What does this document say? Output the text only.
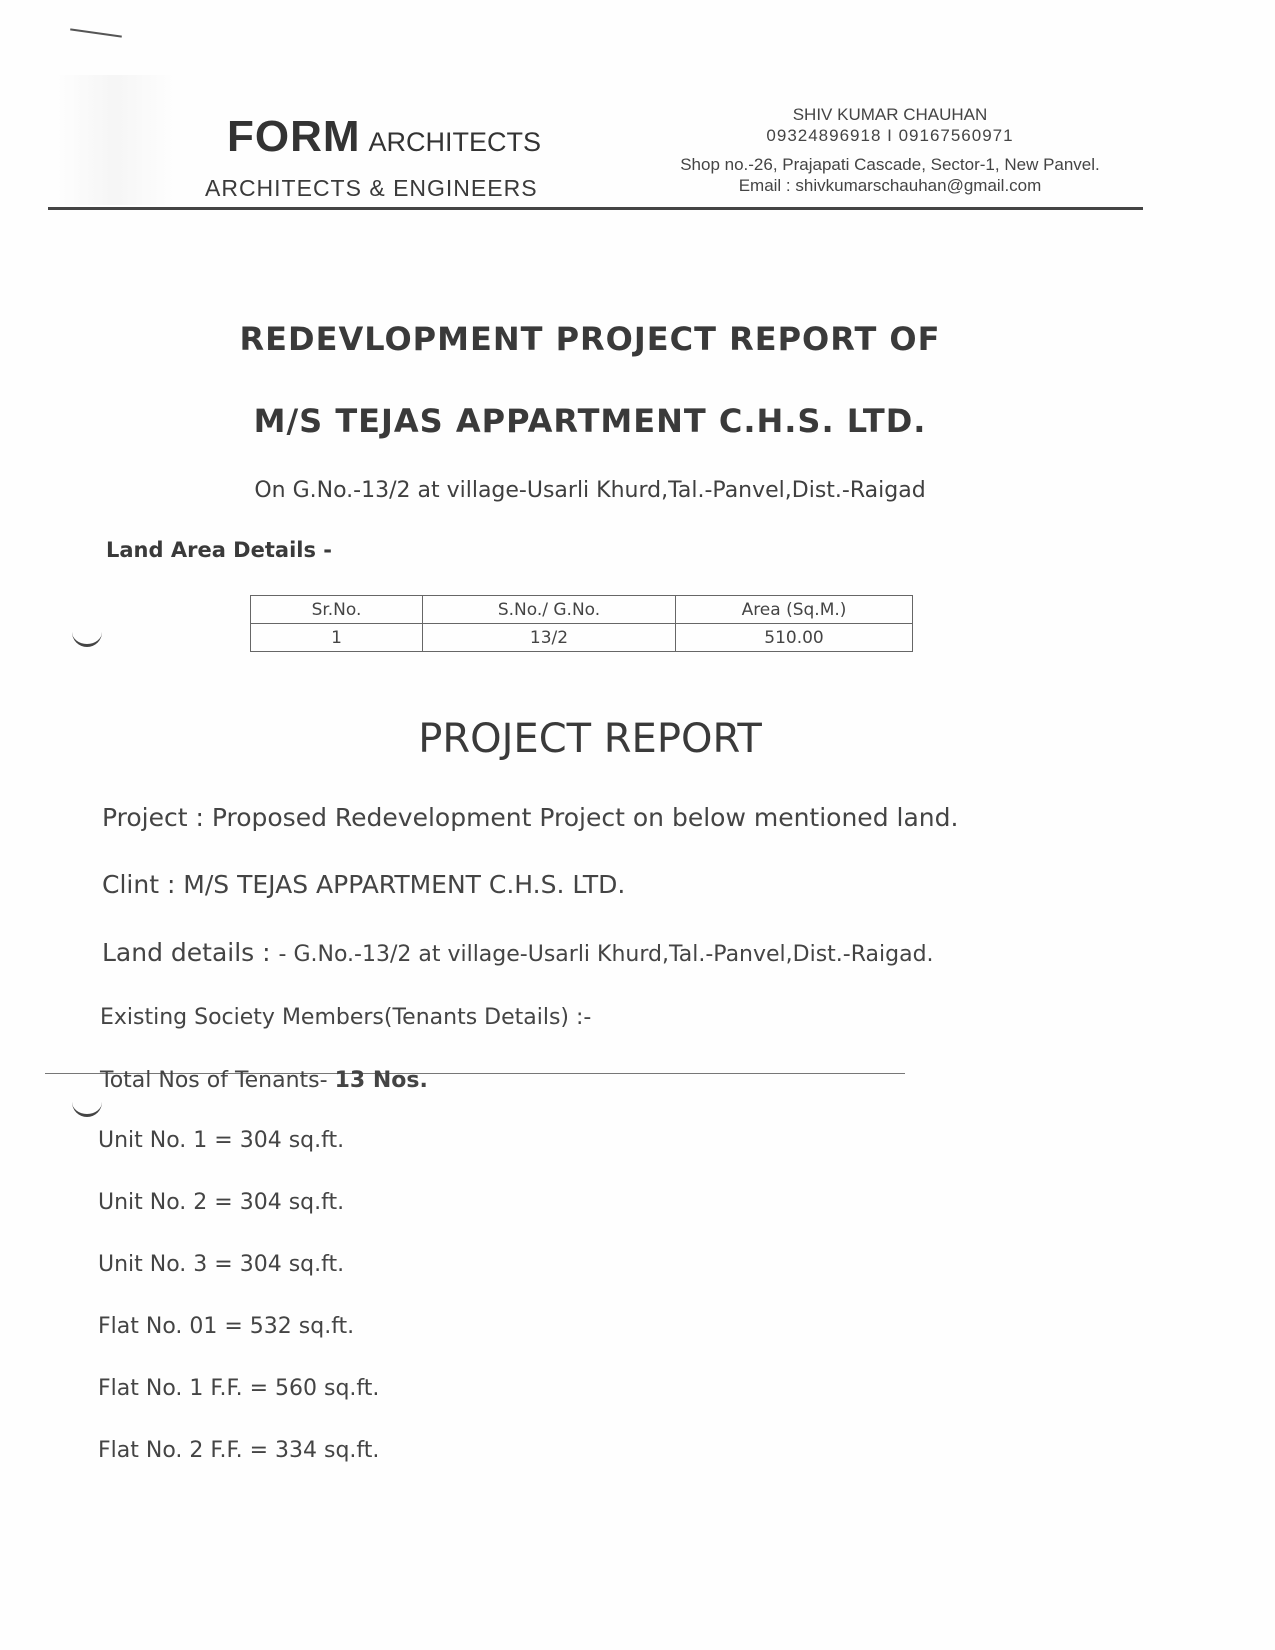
FORM ARCHITECTS
ARCHITECTS & ENGINEERS
SHIV KUMAR CHAUHAN
09324896918 I 09167560971
Shop no.-26, Prajapati Cascade, Sector-1, New Panvel.
Email : shivkumarschauhan@gmail.com
REDEVLOPMENT PROJECT REPORT OF
M/S TEJAS APPARTMENT C.H.S. LTD.
On G.No.-13/2 at village-Usarli Khurd,Tal.-Panvel,Dist.-Raigad
Land Area Details -
Sr.No.	S.No./ G.No.	Area (Sq.M.)
1	13/2	510.00
PROJECT REPORT
Project : Proposed Redevelopment Project on below mentioned land.
Clint : M/S TEJAS APPARTMENT C.H.S. LTD.
Land details : - G.No.-13/2 at village-Usarli Khurd,Tal.-Panvel,Dist.-Raigad.
Existing Society Members(Tenants Details) :-
Total Nos of Tenants- 13 Nos.
Unit No. 1 = 304 sq.ft.
Unit No. 2 = 304 sq.ft.
Unit No. 3 = 304 sq.ft.
Flat No. 01 = 532 sq.ft.
Flat No. 1 F.F. = 560 sq.ft.
Flat No. 2 F.F. = 334 sq.ft.
